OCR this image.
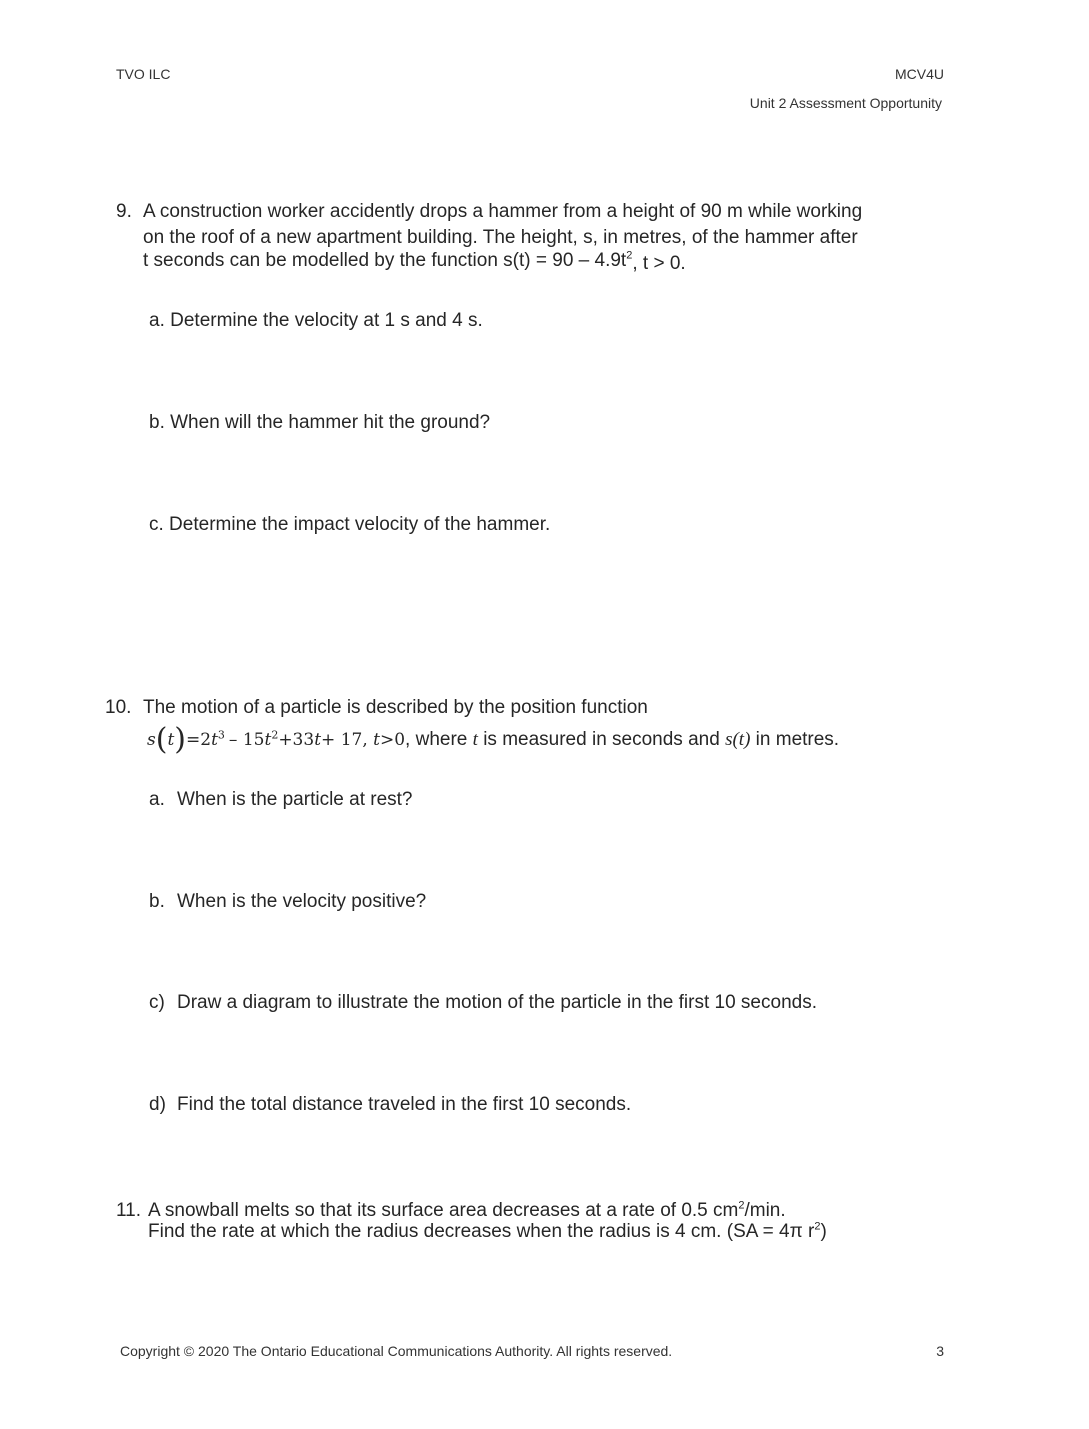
TVO ILC	MCV4U
Unit 2 Assessment Opportunity
9. A construction worker accidently drops a hammer from a height of 90 m while working
on the roof of a new apartment building. The height, s, in metres, of the hammer after
t seconds can be modelled by the function $s(t) = 90 - 4.9t^2$, t > 0.
a. Determine the velocity at 1 s and 4 s.
b. When will the hammer hit the ground?
c. Determine the impact velocity of the hammer.
10. The motion of a particle is described by the position function
$s(t)=2t^3 - 15t^2+33t+ 17$, t>0, where t is measured in seconds and s(t) in metres.
a. When is the particle at rest?
b. When is the velocity positive?
c) Draw a diagram to illustrate the motion of the particle in the first 10 seconds.
d) Find the total distance traveled in the first 10 seconds.
11. A snowball melts so that its surface area decreases at a rate of 0.5 $cm^2/\min$.
Find the rate at which the radius decreases when the radius is 4 cm. (SA = 4π $r^2$)
Copyright © 2020 The Ontario Educational Communications Authority. All rights reserved.	3
